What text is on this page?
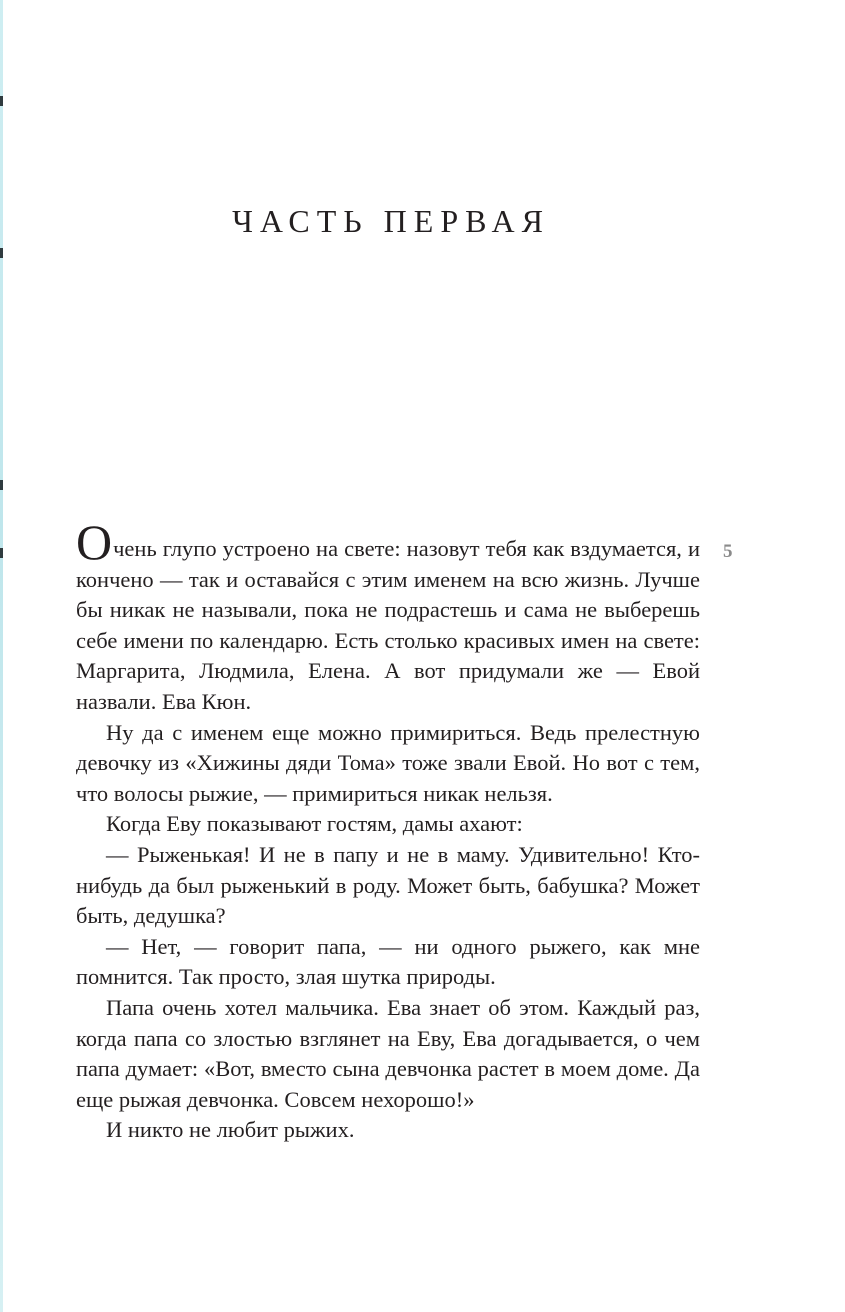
ЧАСТЬ ПЕРВАЯ
5

Очень глупо устроено на свете: назовут тебя как вздумается, и кончено — так и оставайся с этим именем на всю жизнь. Лучше бы никак не называли, пока не подрастешь и сама не выберешь себе имени по календарю. Есть столько красивых имен на свете: Маргарита, Людмила, Елена. А вот придумали же — Евой назвали. Ева Кюн.

Ну да с именем еще можно примириться. Ведь прелестную девочку из «Хижины дяди Тома» тоже звали Евой. Но вот с тем, что волосы рыжие, — примириться никак нельзя.

Когда Еву показывают гостям, дамы ахают:

— Рыженькая! И не в папу и не в маму. Удивительно! Кто-нибудь да был рыженький в роду. Может быть, бабушка? Может быть, дедушка?

— Нет, — говорит папа, — ни одного рыжего, как мне помнится. Так просто, злая шутка природы.

Папа очень хотел мальчика. Ева знает об этом. Каждый раз, когда папа со злостью взглянет на Еву, Ева догадывается, о чем папа думает: «Вот, вместо сына девчонка растет в моем доме. Да еще рыжая девчонка. Совсем нехорошо!»

И никто не любит рыжих.
